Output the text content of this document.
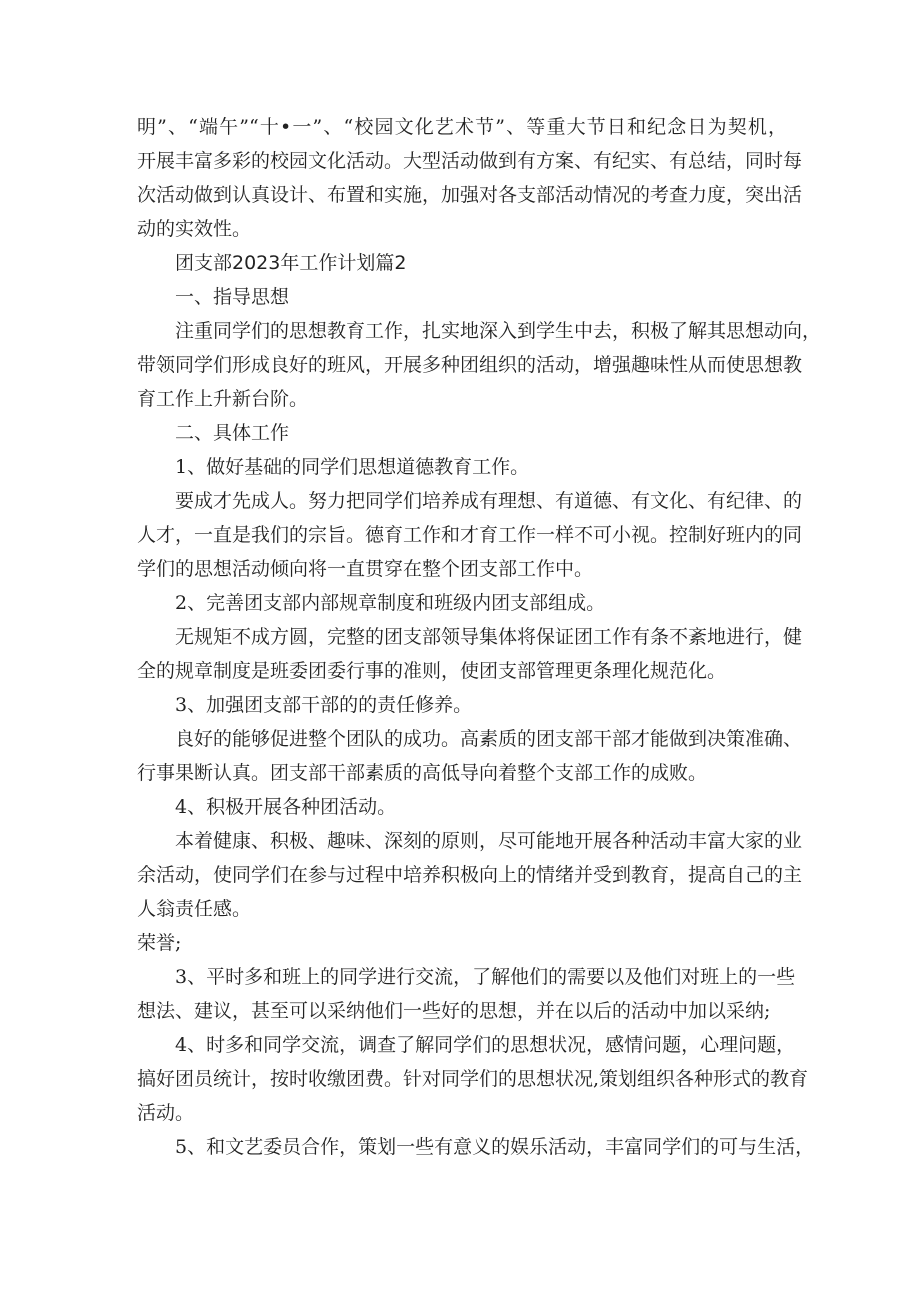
明”、“端午”“十•一”、“校园文化艺术节”、等重大节日和纪念日为契机，
开展丰富多彩的校园文化活动。大型活动做到有方案、有纪实、有总结，同时每
次活动做到认真设计、布置和实施，加强对各支部活动情况的考查力度，突出活
动的实效性。
团支部2023年工作计划篇2
一、指导思想
注重同学们的思想教育工作，扎实地深入到学生中去，积极了解其思想动向，
带领同学们形成良好的班风，开展多种团组织的活动，增强趣味性从而使思想教
育工作上升新台阶。
二、具体工作
1、做好基础的同学们思想道德教育工作。
要成才先成人。努力把同学们培养成有理想、有道德、有文化、有纪律、的
人才，一直是我们的宗旨。德育工作和才育工作一样不可小视。控制好班内的同
学们的思想活动倾向将一直贯穿在整个团支部工作中。
2、完善团支部内部规章制度和班级内团支部组成。
无规矩不成方圆，完整的团支部领导集体将保证团工作有条不紊地进行，健
全的规章制度是班委团委行事的准则，使团支部管理更条理化规范化。
3、加强团支部干部的的责任修养。
良好的能够促进整个团队的成功。高素质的团支部干部才能做到决策准确、
行事果断认真。团支部干部素质的高低导向着整个支部工作的成败。
4、积极开展各种团活动。
本着健康、积极、趣味、深刻的原则，尽可能地开展各种活动丰富大家的业
余活动，使同学们在参与过程中培养积极向上的情绪并受到教育，提高自己的主
人翁责任感。
荣誉;
3、平时多和班上的同学进行交流，了解他们的需要以及他们对班上的一些
想法、建议，甚至可以采纳他们一些好的思想，并在以后的活动中加以采纳;
4、时多和同学交流，调查了解同学们的思想状况，感情问题，心理问题，
搞好团员统计，按时收缴团费。针对同学们的思想状况,策划组织各种形式的教育
活动。
5、和文艺委员合作，策划一些有意义的娱乐活动，丰富同学们的可与生活，
